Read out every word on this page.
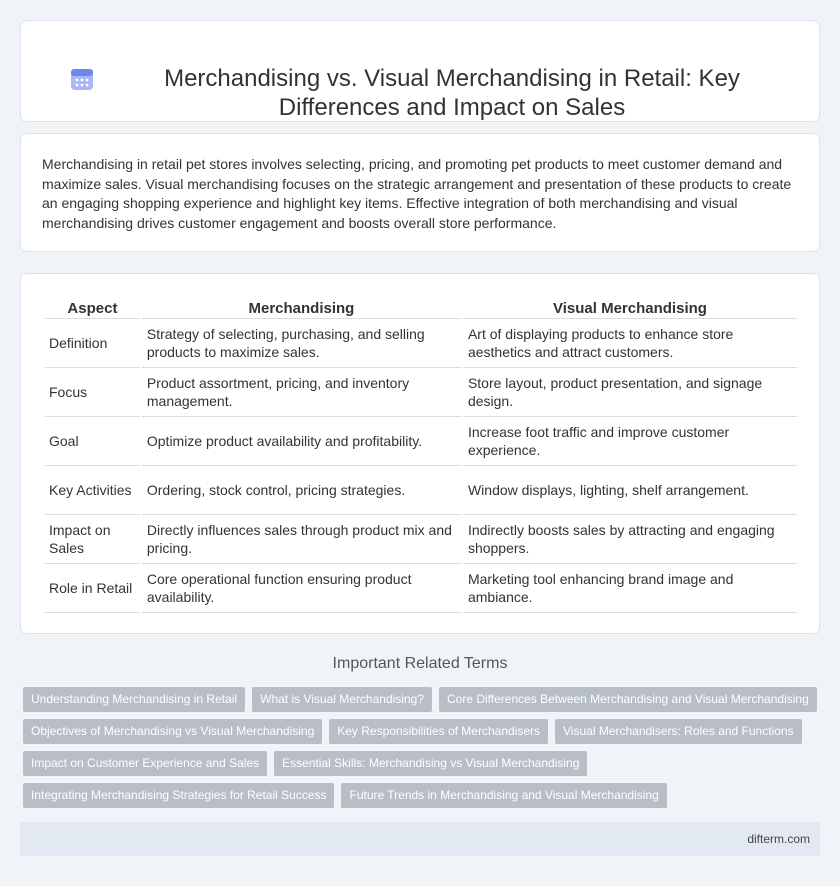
Merchandising vs. Visual Merchandising in Retail: Key Differences and Impact on Sales

Merchandising in retail pet stores involves selecting, pricing, and promoting pet products to meet customer demand and maximize sales. Visual merchandising focuses on the strategic arrangement and presentation of these products to create an engaging shopping experience and highlight key items. Effective integration of both merchandising and visual merchandising drives customer engagement and boosts overall store performance.

Aspect	Merchandising	Visual Merchandising
Definition	Strategy of selecting, purchasing, and selling products to maximize sales.	Art of displaying products to enhance store aesthetics and attract customers.
Focus	Product assortment, pricing, and inventory management.	Store layout, product presentation, and signage design.
Goal	Optimize product availability and profitability.	Increase foot traffic and improve customer experience.
Key Activities	Ordering, stock control, pricing strategies.	Window displays, lighting, shelf arrangement.
Impact on Sales	Directly influences sales through product mix and pricing.	Indirectly boosts sales by attracting and engaging shoppers.
Role in Retail	Core operational function ensuring product availability.	Marketing tool enhancing brand image and ambiance.
Important Related Terms
Understanding Merchandising in Retail	What is Visual Merchandising?	Core Differences Between Merchandising and Visual Merchandising
Objectives of Merchandising vs Visual Merchandising	Key Responsibilities of Merchandisers	Visual Merchandisers: Roles and Functions
Impact on Customer Experience and Sales	Essential Skills: Merchandising vs Visual Merchandising
Integrating Merchandising Strategies for Retail Success	Future Trends in Merchandising and Visual Merchandising
difterm.com
